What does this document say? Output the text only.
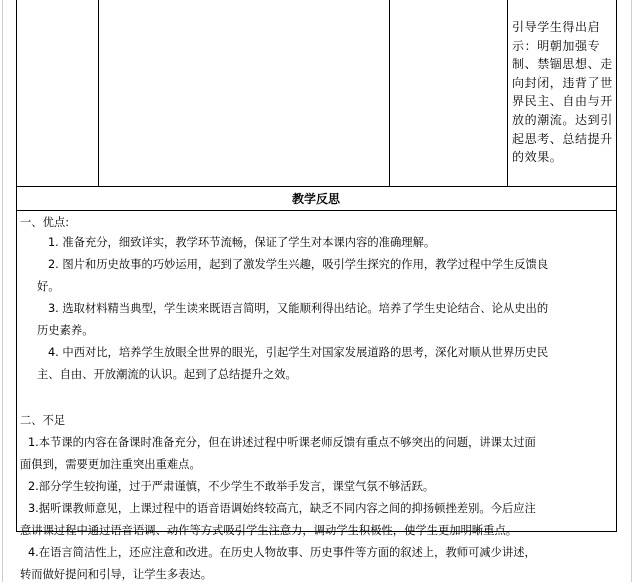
引导学生得出启
示：明朝加强专
制、禁锢思想、走
向封闭，违背了世
界民主、自由与开
放的潮流。达到引
起思考、总结提升
的效果。
教学反思
一、优点:
1. 准备充分，细致详实，教学环节流畅，保证了学生对本课内容的准确理解。
2. 图片和历史故事的巧妙运用，起到了激发学生兴趣，吸引学生探究的作用，教学过程中学生反馈良
好。
3. 选取材料精当典型，学生读来既语言简明，又能顺利得出结论。培养了学生史论结合、论从史出的
历史素养。
4. 中西对比，培养学生放眼全世界的眼光，引起学生对国家发展道路的思考，深化对顺从世界历史民
主、自由、开放潮流的认识。起到了总结提升之效。
二、不足
1.本节课的内容在备课时准备充分，但在讲述过程中听课老师反馈有重点不够突出的问题，讲课太过面
面俱到，需要更加注重突出重难点。
2.部分学生较拘谨，过于严肃谨慎，不少学生不敢举手发言，课堂气氛不够活跃。
3.据听课教师意见，上课过程中的语音语调始终较高亢，缺乏不同内容之间的抑扬顿挫差别。今后应注
意讲课过程中通过语音语调、动作等方式吸引学生注意力，调动学生积极性，使学生更加明晰重点。
4.在语言简洁性上，还应注意和改进。在历史人物故事、历史事件等方面的叙述上，教师可减少讲述，
转而做好提问和引导，让学生多表达。
